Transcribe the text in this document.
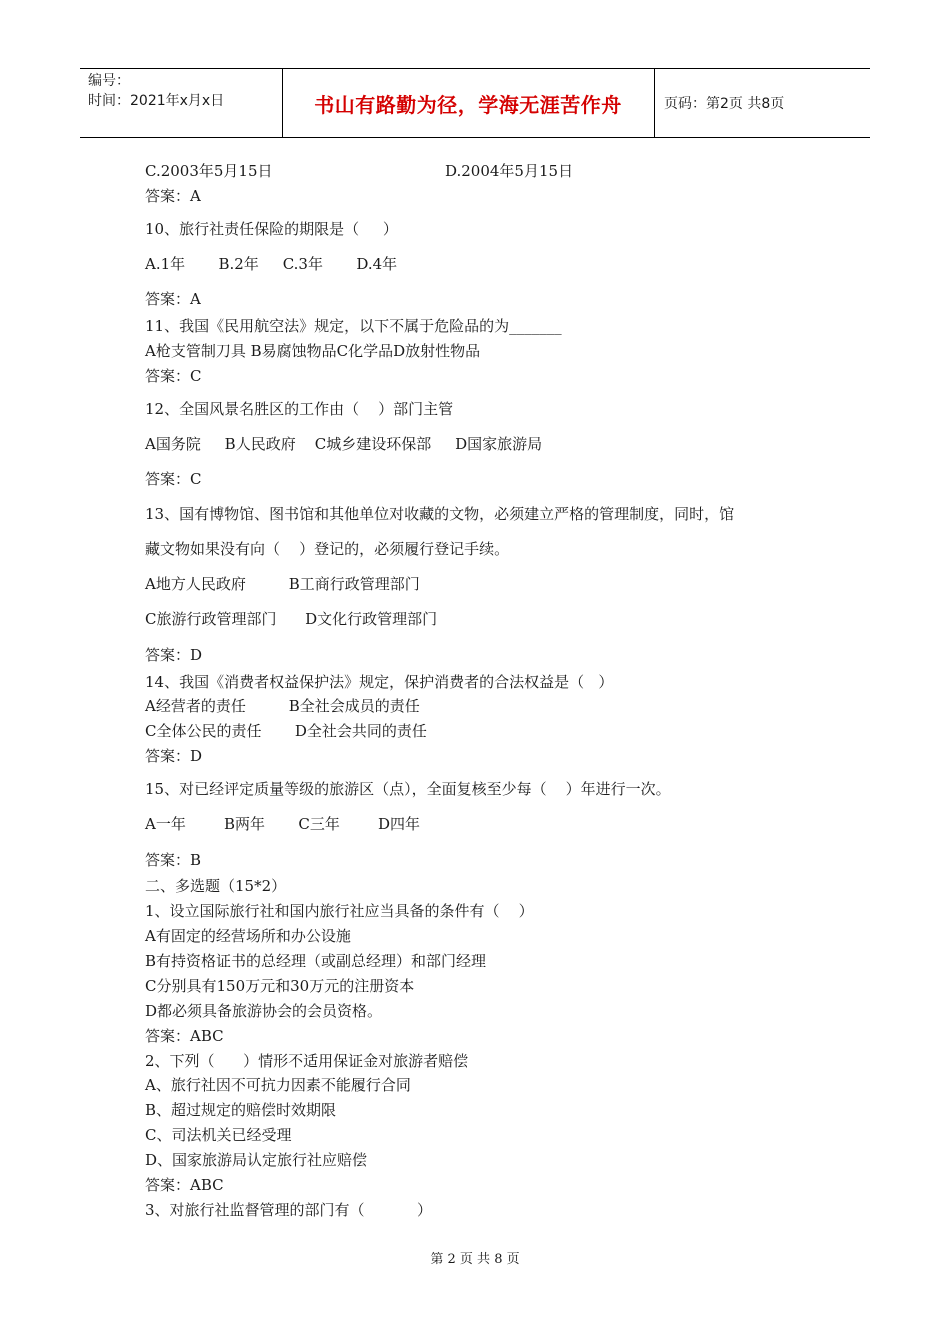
编号：
时间：2021年x月x日	书山有路勤为径，学海无涯苦作舟	页码：第2页 共8页
C.2003年5月15日	D.2004年5月15日
答案：A
10、旅行社责任保险的期限是（     ）
A.1年       B.2年     C.3年       D.4年
答案：A
11、我国《民用航空法》规定，以下不属于危险品的为_______
A枪支管制刀具 B易腐蚀物品C化学品D放射性物品
答案：C
12、全国风景名胜区的工作由（    ）部门主管
A国务院     B人民政府    C城乡建设环保部     D国家旅游局
答案：C
13、国有博物馆、图书馆和其他单位对收藏的文物，必须建立严格的管理制度，同时，馆
藏文物如果没有向（    ）登记的，必须履行登记手续。
A地方人民政府         B工商行政管理部门
C旅游行政管理部门      D文化行政管理部门
答案：D
14、我国《消费者权益保护法》规定，保护消费者的合法权益是（   ）
A经营者的责任         B全社会成员的责任
C全体公民的责任       D全社会共同的责任
答案：D
15、对已经评定质量等级的旅游区（点），全面复核至少每（    ）年进行一次。
A一年        B两年       C三年        D四年
答案：B
二、多选题（15*2）
1、设立国际旅行社和国内旅行社应当具备的条件有（    ）
A有固定的经营场所和办公设施
B有持资格证书的总经理（或副总经理）和部门经理
C分别具有150万元和30万元的注册资本
D都必须具备旅游协会的会员资格。
答案：ABC
2、下列（      ）情形不适用保证金对旅游者赔偿
A、旅行社因不可抗力因素不能履行合同
B、超过规定的赔偿时效期限
C、司法机关已经受理
D、国家旅游局认定旅行社应赔偿
答案：ABC
3、对旅行社监督管理的部门有（           ）
第 2 页 共 8 页
